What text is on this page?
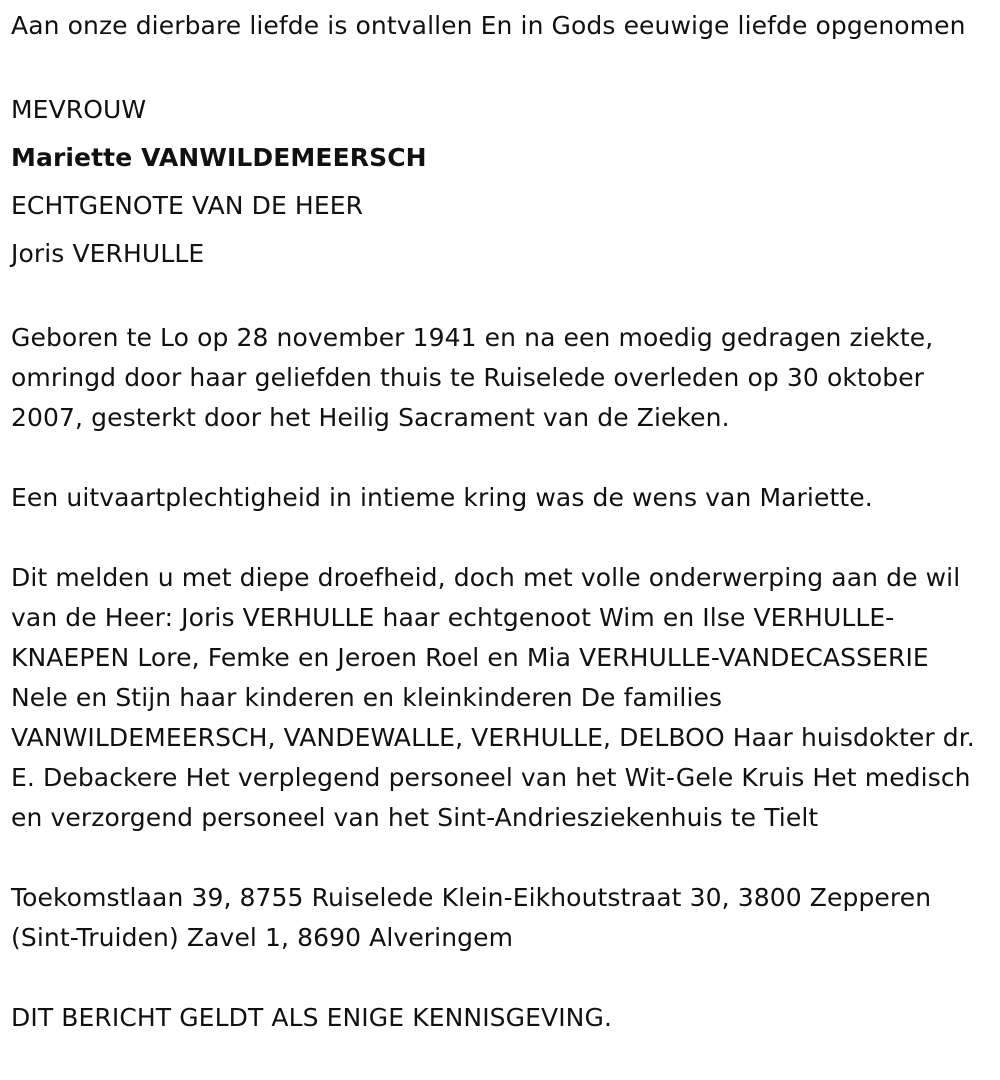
Aan onze dierbare liefde is ontvallen En in Gods eeuwige liefde opgenomen

MEVROUW

Mariette VANWILDEMEERSCH

ECHTGENOTE VAN DE HEER

Joris VERHULLE

Geboren te Lo op 28 november 1941 en na een moedig gedragen ziekte, omringd door haar geliefden thuis te Ruiselede overleden op 30 oktober 2007, gesterkt door het Heilig Sacrament van de Zieken.

Een uitvaartplechtigheid in intieme kring was de wens van Mariette.

Dit melden u met diepe droefheid, doch met volle onderwerping aan de wil van de Heer: Joris VERHULLE haar echtgenoot Wim en Ilse VERHULLE-KNAEPEN Lore, Femke en Jeroen Roel en Mia VERHULLE-VANDECASSERIE Nele en Stijn haar kinderen en kleinkinderen De families VANWILDEMEERSCH, VANDEWALLE, VERHULLE, DELBOO Haar huisdokter dr. E. Debackere Het verplegend personeel van het Wit-Gele Kruis Het medisch en verzorgend personeel van het Sint-Andriesziekenhuis te Tielt

Toekomstlaan 39, 8755 Ruiselede Klein-Eikhoutstraat 30, 3800 Zepperen (Sint-Truiden) Zavel 1, 8690 Alveringem

DIT BERICHT GELDT ALS ENIGE KENNISGEVING.
